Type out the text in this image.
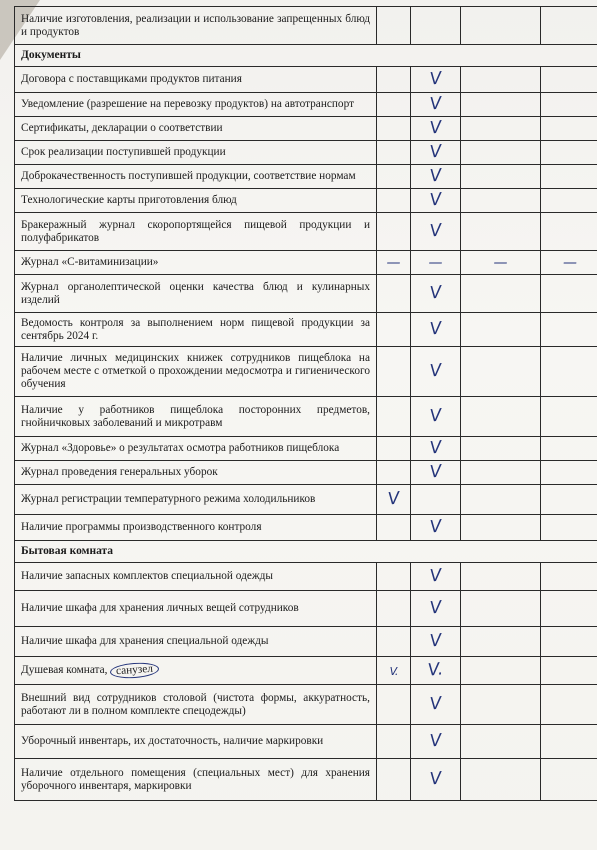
Наличие изготовления, реализации и использование запрещенных блюд и продуктов				
Документы				
Договора с поставщиками продуктов питания		V		
Уведомление (разрешение на перевозку продуктов) на автотранспорт		V		
Сертификаты, декларации о соответствии		V		
Срок реализации поступившей продукции		V		
Доброкачественность поступившей продукции, соответствие нормам		V		
Технологические карты приготовления блюд		V		
Бракеражный журнал скоропортящейся пищевой продукции и полуфабрикатов		V		
Журнал «С-витаминизации»	—	—	—	—
Журнал органолептической оценки качества блюд и кулинарных изделий		V		
Ведомость контроля за выполнением норм пищевой продукции за сентябрь 2024 г.		V		
Наличие личных медицинских книжек сотрудников пищеблока на рабочем месте с отметкой о прохождении медосмотра и гигиенического обучения		V		
Наличие у работников пищеблока посторонних предметов, гнойничковых заболеваний и микротравм		V		
Журнал «Здоровье» о результатах осмотра работников пищеблока		V		
Журнал проведения генеральных уборок		V		
Журнал регистрации температурного режима холодильников	V			
Наличие программы производственного контроля		V		
Бытовая комната				
Наличие запасных комплектов специальной одежды		V		
Наличие шкафа для хранения личных вещей сотрудников		V		
Наличие шкафа для хранения специальной одежды		V		
Душевая комната, санузел	V.	V.		
Внешний вид сотрудников столовой (чистота формы, аккуратность, работают ли в полном комплекте спецодежды)		V		
Уборочный инвентарь, их достаточность, наличие маркировки		V		
Наличие отдельного помещения (специальных мест) для хранения уборочного инвентаря, маркировки		V		
